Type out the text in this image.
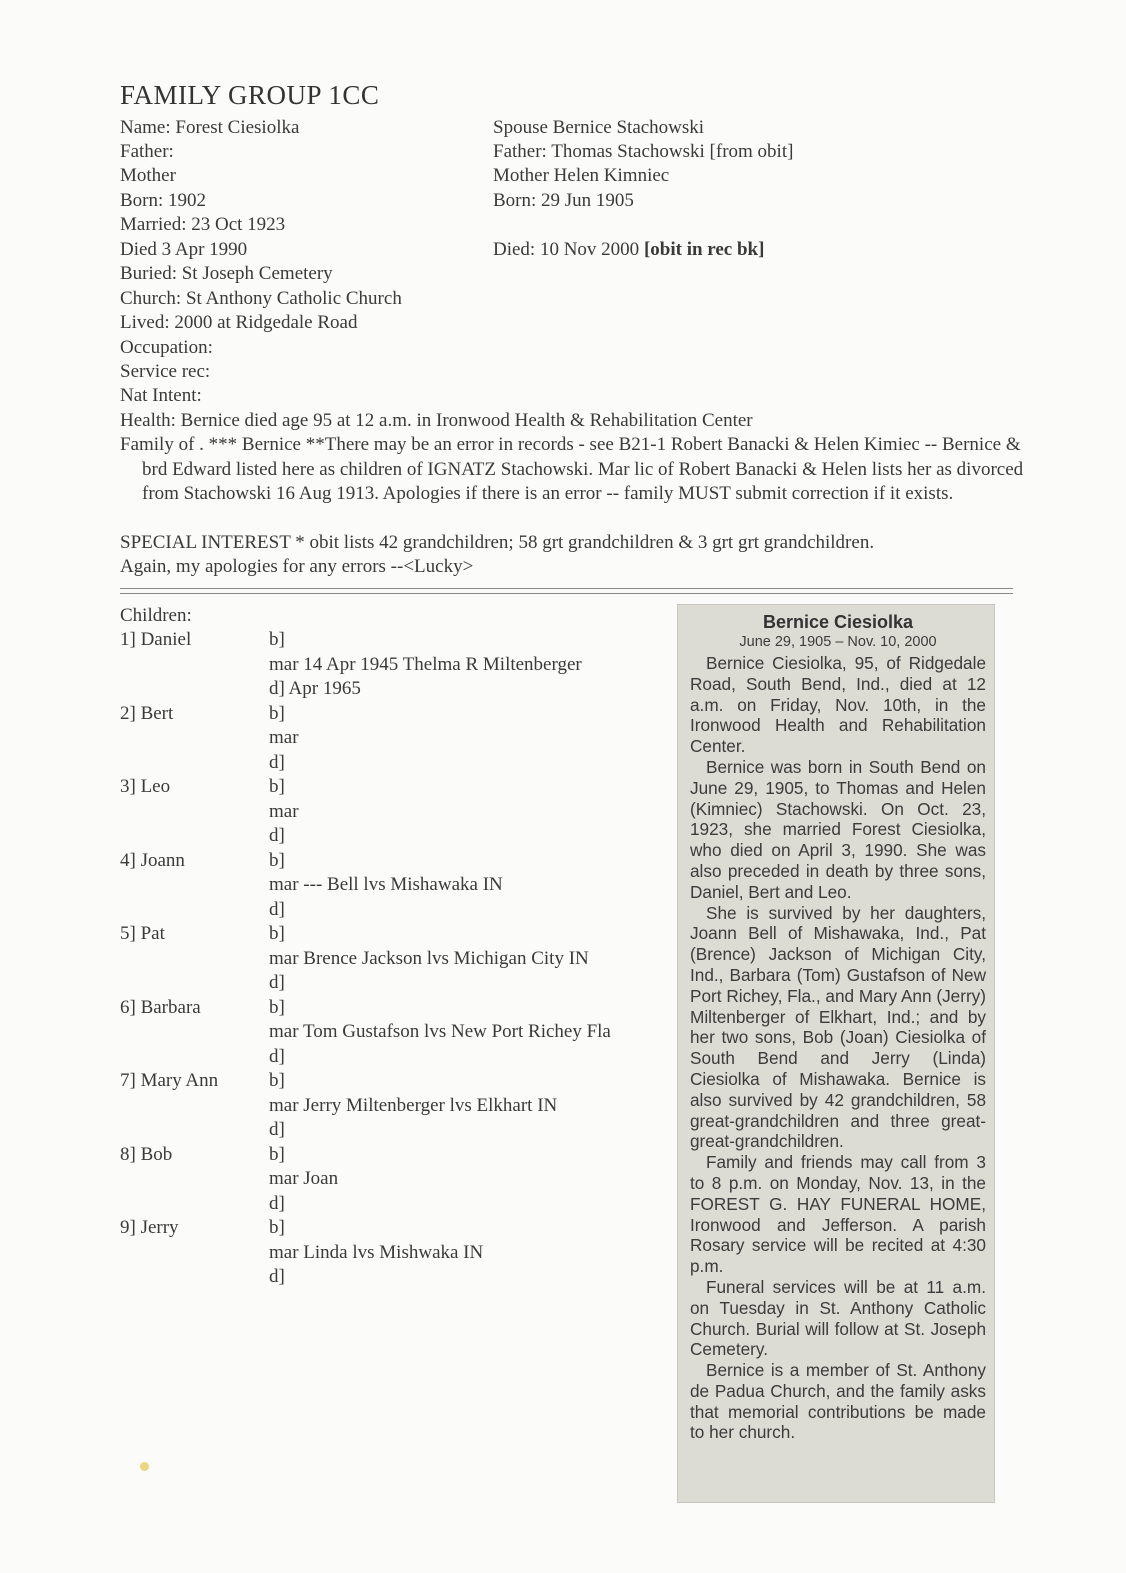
FAMILY GROUP 1CC
Name: Forest Ciesiolka
Father:
Mother
Born: 1902
Married: 23 Oct 1923
Died 3 Apr 1990
Buried: St Joseph Cemetery
Church: St Anthony Catholic Church
Lived: 2000 at Ridgedale Road
Occupation:
Service rec:
Nat Intent:
Spouse Bernice Stachowski
Father: Thomas Stachowski [from obit]
Mother Helen Kimniec
Born: 29 Jun 1905
Died: 10 Nov 2000 [obit in rec bk]
Health: Bernice died age 95 at 12 a.m. in Ironwood Health & Rehabilitation Center
Family of . *** Bernice **There may be an error in records - see B21-1 Robert Banacki & Helen Kimiec -- Bernice & brd Edward listed here as children of IGNATZ Stachowski. Mar lic of Robert Banacki & Helen lists her as divorced from Stachowski 16 Aug 1913. Apologies if there is an error -- family MUST submit correction if it exists.
SPECIAL INTEREST * obit lists 42 grandchildren; 58 grt grandchildren & 3 grt grt grandchildren.
Again, my apologies for any errors --<Lucky>
Children:
1] Daniel	b]
mar 14 Apr 1945 Thelma R Miltenberger
d] Apr 1965
2] Bert	b]
mar
d]
3] Leo	b]
mar
d]
4] Joann	b]
mar --- Bell lvs Mishawaka IN
d]
5] Pat	b]
mar Brence Jackson lvs Michigan City IN
d]
6] Barbara	b]
mar Tom Gustafson lvs New Port Richey Fla
d]
7] Mary Ann	b]
mar Jerry Miltenberger lvs Elkhart IN
d]
8] Bob	b]
mar Joan
d]
9] Jerry	b]
mar Linda lvs Mishwaka IN
d]
Bernice Ciesiolka
June 29, 1905 – Nov. 10, 2000

Bernice Ciesiolka, 95, of Ridgedale Road, South Bend, Ind., died at 12 a.m. on Friday, Nov. 10th, in the Ironwood Health and Rehabilitation Center.

Bernice was born in South Bend on June 29, 1905, to Thomas and Helen (Kimniec) Stachowski. On Oct. 23, 1923, she married Forest Ciesiolka, who died on April 3, 1990. She was also preceded in death by three sons, Daniel, Bert and Leo.

She is survived by her daughters, Joann Bell of Mishawaka, Ind., Pat (Brence) Jackson of Michigan City, Ind., Barbara (Tom) Gustafson of New Port Richey, Fla., and Mary Ann (Jerry) Miltenberger of Elkhart, Ind.; and by her two sons, Bob (Joan) Ciesiolka of South Bend and Jerry (Linda) Ciesiolka of Mishawaka. Bernice is also survived by 42 grandchildren, 58 great-grandchildren and three great-great-grandchildren.

Family and friends may call from 3 to 8 p.m. on Monday, Nov. 13, in the FOREST G. HAY FUNERAL HOME, Ironwood and Jefferson. A parish Rosary service will be recited at 4:30 p.m.

Funeral services will be at 11 a.m. on Tuesday in St. Anthony Catholic Church. Burial will follow at St. Joseph Cemetery.

Bernice is a member of St. Anthony de Padua Church, and the family asks that memorial contributions be made to her church.
